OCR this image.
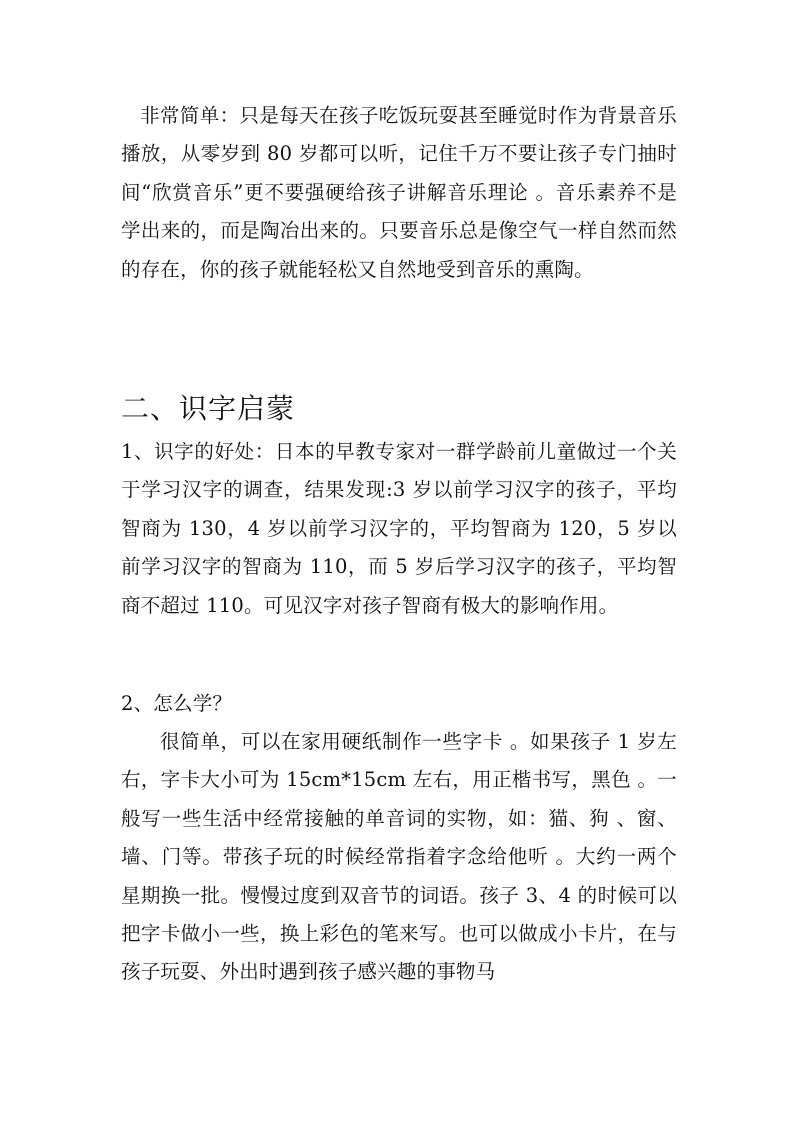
非常简单：只是每天在孩子吃饭玩耍甚至睡觉时作为背景音乐播放，从零岁到 80 岁都可以听，记住千万不要让孩子专门抽时间“欣赏音乐”更不要强硬给孩子讲解音乐理论 。音乐素养不是学出来的，而是陶冶出来的。只要音乐总是像空气一样自然而然的存在，你的孩子就能轻松又自然地受到音乐的熏陶。

二、识字启蒙

1、识字的好处：日本的早教专家对一群学龄前儿童做过一个关于学习汉字的调查，结果发现:3 岁以前学习汉字的孩子，平均智商为 130，4 岁以前学习汉字的，平均智商为 120，5 岁以前学习汉字的智商为 110，而 5 岁后学习汉字的孩子，平均智商不超过 110。可见汉字对孩子智商有极大的影响作用。

2、怎么学？

很简单，可以在家用硬纸制作一些字卡 。如果孩子 1 岁左右，字卡大小可为 15cm*15cm 左右，用正楷书写，黑色 。一般写一些生活中经常接触的单音词的实物，如：猫、狗 、窗、墙、门等。带孩子玩的时候经常指着字念给他听 。大约一两个星期换一批。慢慢过度到双音节的词语。孩子 3、4 的时候可以把字卡做小一些，换上彩色的笔来写。也可以做成小卡片，在与孩子玩耍、外出时遇到孩子感兴趣的事物马
